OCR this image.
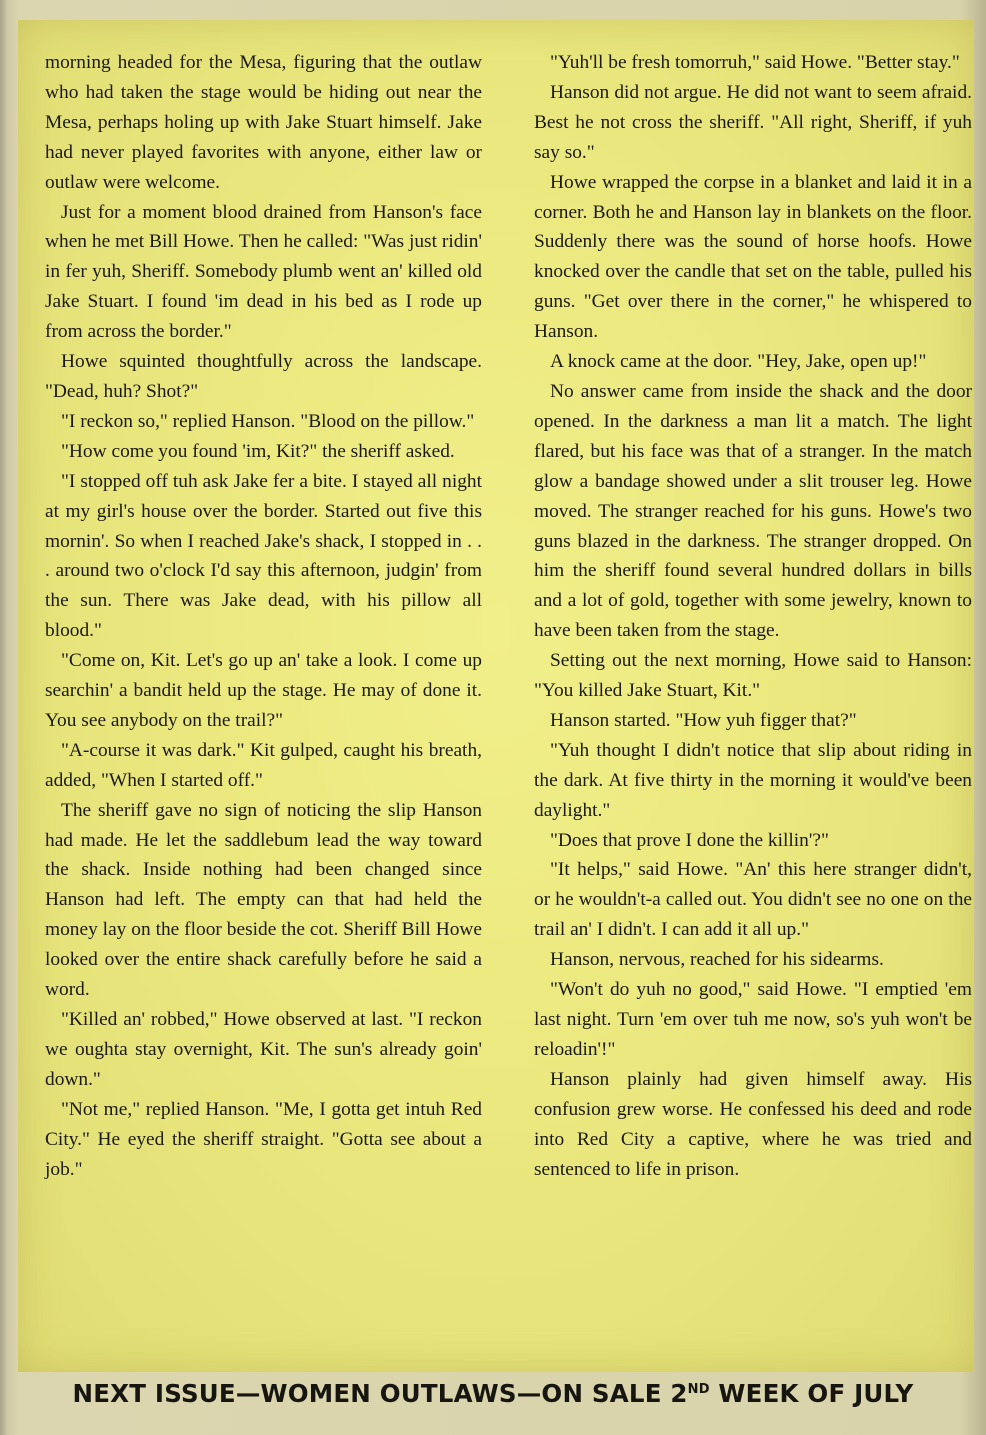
morning headed for the Mesa, figuring that the outlaw who had taken the stage would be hiding out near the Mesa, perhaps holing up with Jake Stuart himself. Jake had never played favorites with anyone, either law or outlaw were welcome.

Just for a moment blood drained from Hanson's face when he met Bill Howe. Then he called: "Was just ridin' in fer yuh, Sheriff. Somebody plumb went an' killed old Jake Stuart. I found 'im dead in his bed as I rode up from across the border."

Howe squinted thoughtfully across the landscape. "Dead, huh? Shot?"

"I reckon so," replied Hanson. "Blood on the pillow."

"How come you found 'im, Kit?" the sheriff asked.

"I stopped off tuh ask Jake fer a bite. I stayed all night at my girl's house over the border. Started out five this mornin'. So when I reached Jake's shack, I stopped in . . . around two o'clock I'd say this afternoon, judgin' from the sun. There was Jake dead, with his pillow all blood."

"Come on, Kit. Let's go up an' take a look. I come up searchin' a bandit held up the stage. He may of done it. You see anybody on the trail?"

"A-course it was dark." Kit gulped, caught his breath, added, "When I started off."

The sheriff gave no sign of noticing the slip Hanson had made. He let the saddlebum lead the way toward the shack. Inside nothing had been changed since Hanson had left. The empty can that had held the money lay on the floor beside the cot. Sheriff Bill Howe looked over the entire shack carefully before he said a word.

"Killed an' robbed," Howe observed at last. "I reckon we oughta stay overnight, Kit. The sun's already goin' down."

"Not me," replied Hanson. "Me, I gotta get intuh Red City." He eyed the sheriff straight. "Gotta see about a job."

"Yuh'll be fresh tomorruh," said Howe. "Better stay."

Hanson did not argue. He did not want to seem afraid. Best he not cross the sheriff. "All right, Sheriff, if yuh say so."

Howe wrapped the corpse in a blanket and laid it in a corner. Both he and Hanson lay in blankets on the floor. Suddenly there was the sound of horse hoofs. Howe knocked over the candle that set on the table, pulled his guns. "Get over there in the corner," he whispered to Hanson.

A knock came at the door. "Hey, Jake, open up!"

No answer came from inside the shack and the door opened. In the darkness a man lit a match. The light flared, but his face was that of a stranger. In the match glow a bandage showed under a slit trouser leg. Howe moved. The stranger reached for his guns. Howe's two guns blazed in the darkness. The stranger dropped. On him the sheriff found several hundred dollars in bills and a lot of gold, together with some jewelry, known to have been taken from the stage.

Setting out the next morning, Howe said to Hanson: "You killed Jake Stuart, Kit."

Hanson started. "How yuh figger that?"

"Yuh thought I didn't notice that slip about riding in the dark. At five thirty in the morning it would've been daylight."

"Does that prove I done the killin'?"

"It helps," said Howe. "An' this here stranger didn't, or he wouldn't-a called out. You didn't see no one on the trail an' I didn't. I can add it all up."

Hanson, nervous, reached for his sidearms.

"Won't do yuh no good," said Howe. "I emptied 'em last night. Turn 'em over tuh me now, so's yuh won't be reloadin'!"

Hanson plainly had given himself away. His confusion grew worse. He confessed his deed and rode into Red City a captive, where he was tried and sentenced to life in prison.

NEXT ISSUE—WOMEN OUTLAWS—ON SALE 2ND WEEK OF JULY
